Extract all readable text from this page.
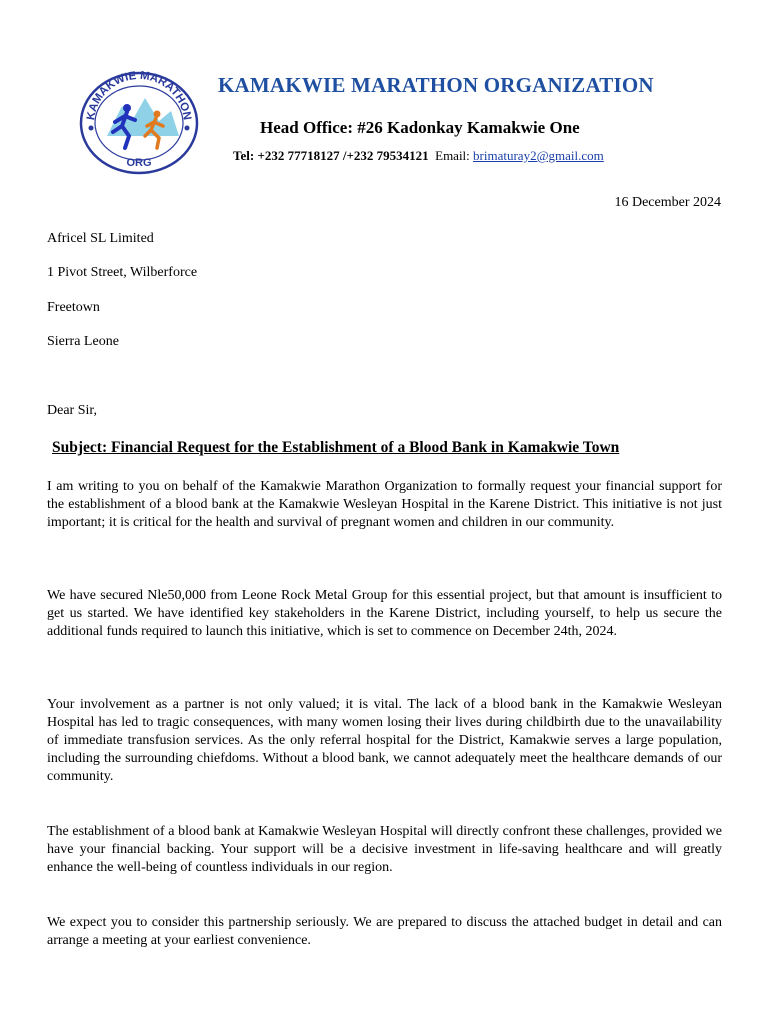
KAMAKWIE MARATHON
ORG
KAMAKWIE MARATHON ORGANIZATION
Head Office: #26 Kadonkay Kamakwie One
Tel: +232 77718127 /+232 79534121 Email: brimaturay2@gmail.com
16 December 2024
Africel SL Limited
1 Pivot Street, Wilberforce
Freetown
Sierra Leone
Dear Sir,
Subject: Financial Request for the Establishment of a Blood Bank in Kamakwie Town
I am writing to you on behalf of the Kamakwie Marathon Organization to formally request your financial support for the establishment of a blood bank at the Kamakwie Wesleyan Hospital in the Karene District. This initiative is not just important; it is critical for the health and survival of pregnant women and children in our community.
We have secured Nle50,000 from Leone Rock Metal Group for this essential project, but that amount is insufficient to get us started. We have identified key stakeholders in the Karene District, including yourself, to help us secure the additional funds required to launch this initiative, which is set to commence on December 24th, 2024.
Your involvement as a partner is not only valued; it is vital. The lack of a blood bank in the Kamakwie Wesleyan Hospital has led to tragic consequences, with many women losing their lives during childbirth due to the unavailability of immediate transfusion services. As the only referral hospital for the District, Kamakwie serves a large population, including the surrounding chiefdoms. Without a blood bank, we cannot adequately meet the healthcare demands of our community.
The establishment of a blood bank at Kamakwie Wesleyan Hospital will directly confront these challenges, provided we have your financial backing. Your support will be a decisive investment in life-saving healthcare and will greatly enhance the well-being of countless individuals in our region.
We expect you to consider this partnership seriously. We are prepared to discuss the attached budget in detail and can arrange a meeting at your earliest convenience.
